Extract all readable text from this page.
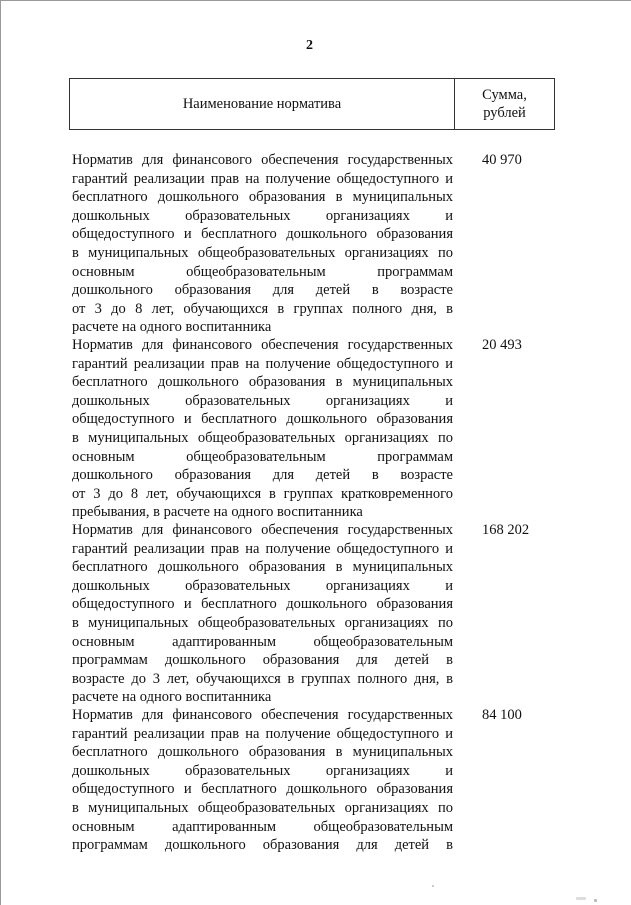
2
Наименование норматива
Сумма,
рублей
Норматив для финансового обеспечения государственных
гарантий реализации прав на получение общедоступного и
бесплатного дошкольного образования в муниципальных
дошкольных образовательных организациях и
общедоступного и бесплатного дошкольного образования
в муниципальных общеобразовательных организациях по
основным общеобразовательным программам
дошкольного образования для детей в возрасте
от 3 до 8 лет, обучающихся в группах полного дня, в
расчете на одного воспитанника
40 970
Норматив для финансового обеспечения государственных
гарантий реализации прав на получение общедоступного и
бесплатного дошкольного образования в муниципальных
дошкольных образовательных организациях и
общедоступного и бесплатного дошкольного образования
в муниципальных общеобразовательных организациях по
основным общеобразовательным программам
дошкольного образования для детей в возрасте
от 3 до 8 лет, обучающихся в группах кратковременного
пребывания, в расчете на одного воспитанника
20 493
Норматив для финансового обеспечения государственных
гарантий реализации прав на получение общедоступного и
бесплатного дошкольного образования в муниципальных
дошкольных образовательных организациях и
общедоступного и бесплатного дошкольного образования
в муниципальных общеобразовательных организациях по
основным адаптированным общеобразовательным
программам дошкольного образования для детей в
возрасте до 3 лет, обучающихся в группах полного дня, в
расчете на одного воспитанника
168 202
Норматив для финансового обеспечения государственных
гарантий реализации прав на получение общедоступного и
бесплатного дошкольного образования в муниципальных
дошкольных образовательных организациях и
общедоступного и бесплатного дошкольного образования
в муниципальных общеобразовательных организациях по
основным адаптированным общеобразовательным
программам дошкольного образования для детей в
84 100
